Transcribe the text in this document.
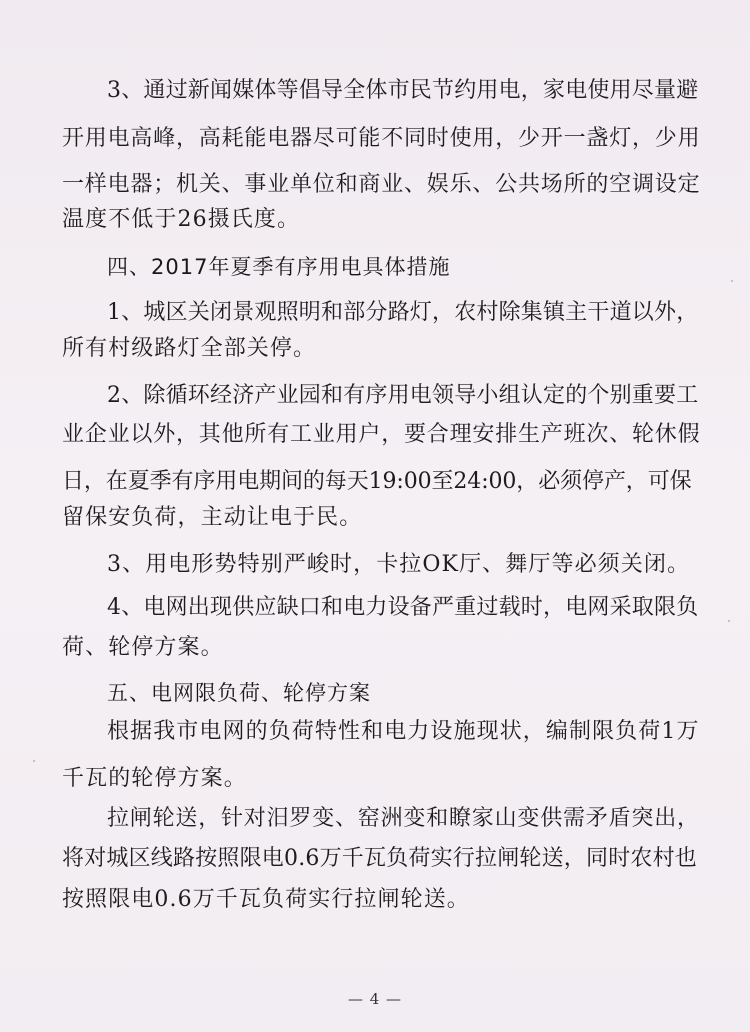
3、通过新闻媒体等倡导全体市民节约用电，家电使用尽量避
开用电高峰，高耗能电器尽可能不同时使用，少开一盏灯，少用
一样电器；机关、事业单位和商业、娱乐、公共场所的空调设定
温度不低于26摄氏度。
四、2017年夏季有序用电具体措施
1、城区关闭景观照明和部分路灯，农村除集镇主干道以外，
所有村级路灯全部关停。
2、除循环经济产业园和有序用电领导小组认定的个别重要工
业企业以外，其他所有工业用户，要合理安排生产班次、轮休假
日，在夏季有序用电期间的每天19:00至24:00，必须停产，可保
留保安负荷，主动让电于民。
3、用电形势特别严峻时，卡拉OK厅、舞厅等必须关闭。
4、电网出现供应缺口和电力设备严重过载时，电网采取限负
荷、轮停方案。
五、电网限负荷、轮停方案
根据我市电网的负荷特性和电力设施现状，编制限负荷1万
千瓦的轮停方案。
拉闸轮送，针对汨罗变、窑洲变和瞭家山变供需矛盾突出，
将对城区线路按照限电0.6万千瓦负荷实行拉闸轮送，同时农村也
按照限电0.6万千瓦负荷实行拉闸轮送。
— 4 —
